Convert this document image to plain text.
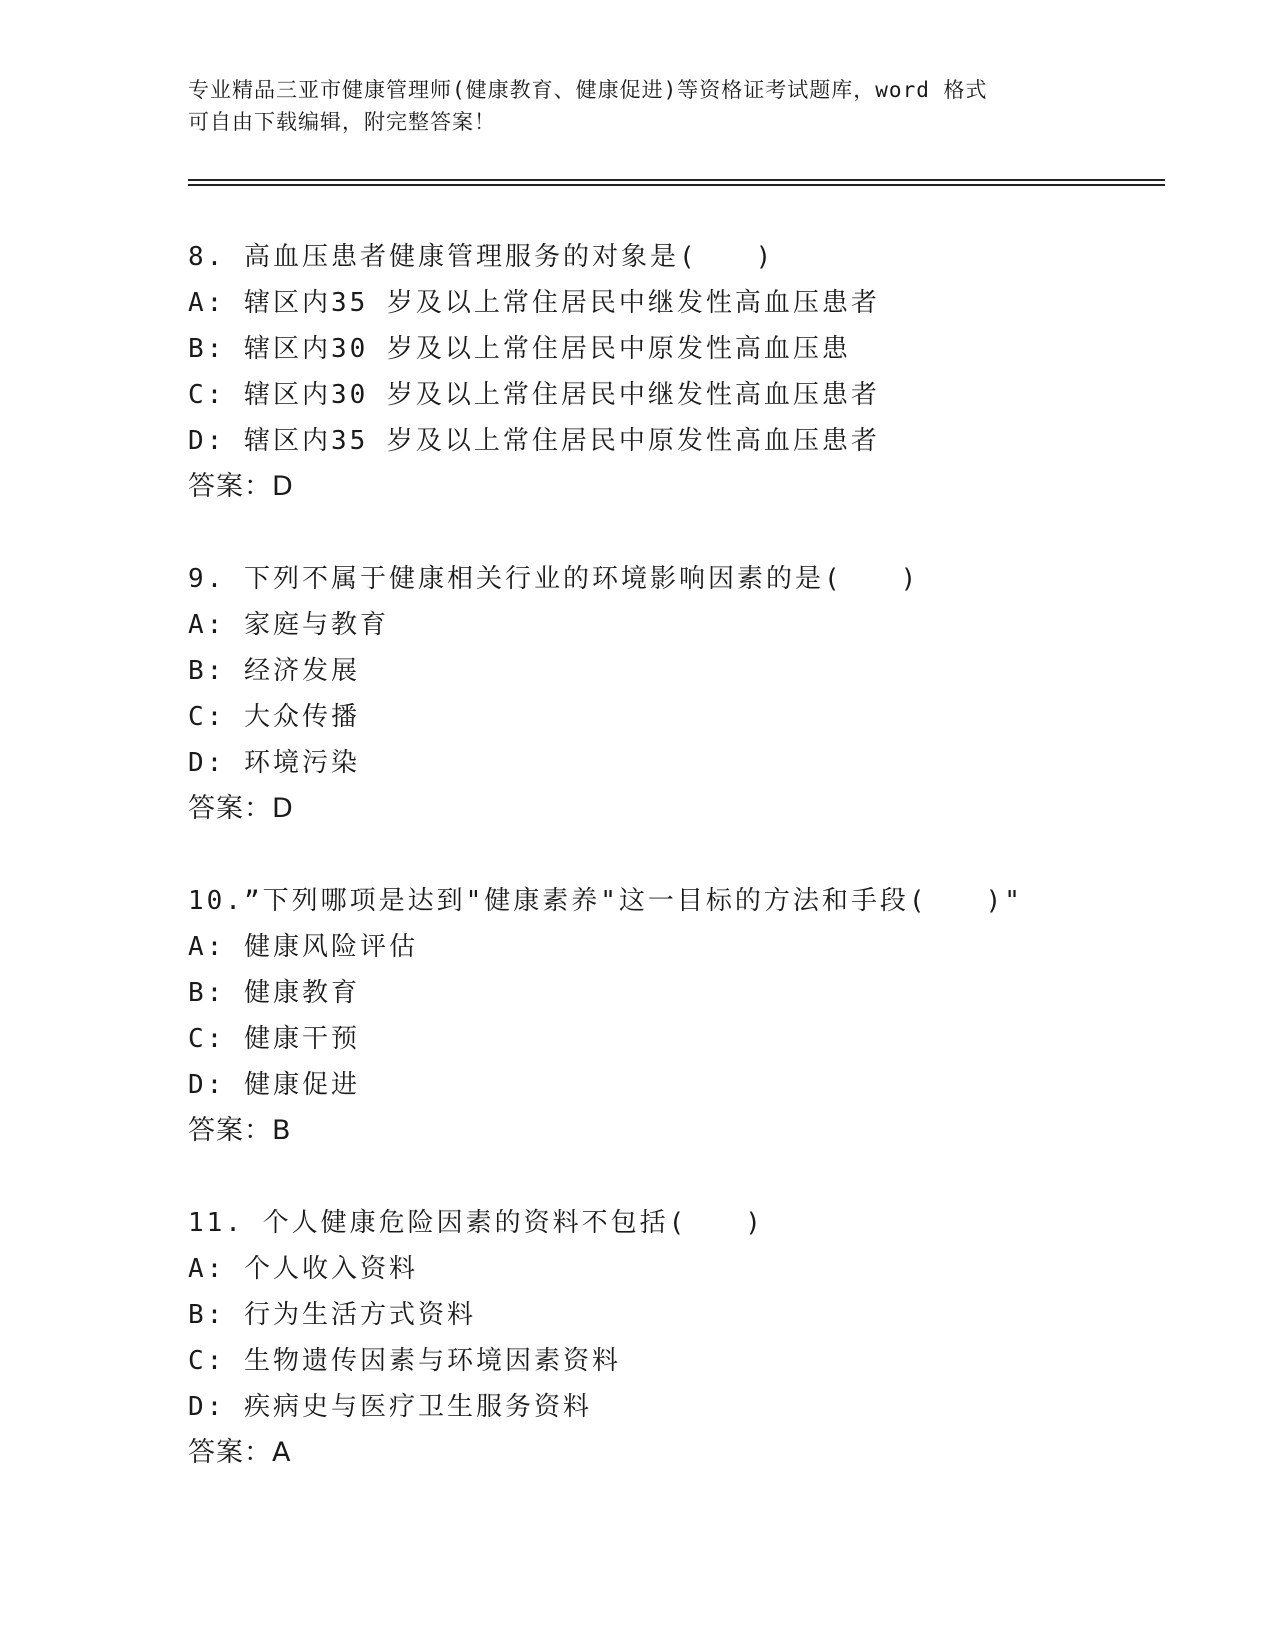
专业精品三亚市健康管理师(健康教育、健康促进)等资格证考试题库，word 格式
可自由下载编辑，附完整答案！
8. 高血压患者健康管理服务的对象是(　　)
A: 辖区内35 岁及以上常住居民中继发性高血压患者
B: 辖区内30 岁及以上常住居民中原发性高血压患
C: 辖区内30 岁及以上常住居民中继发性高血压患者
D: 辖区内35 岁及以上常住居民中原发性高血压患者
答案：D
9. 下列不属于健康相关行业的环境影响因素的是(　　)
A: 家庭与教育
B: 经济发展
C: 大众传播
D: 环境污染
答案：D
10.”下列哪项是达到"健康素养"这一目标的方法和手段(　　)"
A: 健康风险评估
B: 健康教育
C: 健康干预
D: 健康促进
答案：B
11. 个人健康危险因素的资料不包括(　　)
A: 个人收入资料
B: 行为生活方式资料
C: 生物遗传因素与环境因素资料
D: 疾病史与医疗卫生服务资料
答案：A
